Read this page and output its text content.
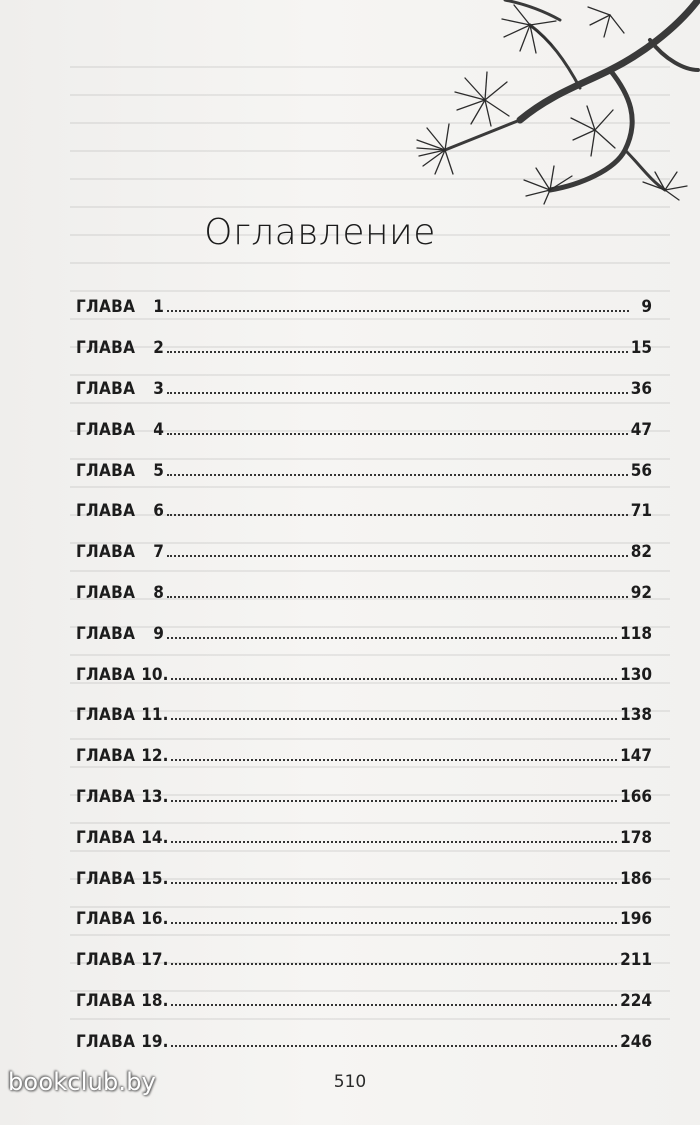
Оглавление
ГЛАВА 1	9
ГЛАВА 2	15
ГЛАВА 3	36
ГЛАВА 4	47
ГЛАВА 5	56
ГЛАВА 6	71
ГЛАВА 7	82
ГЛАВА 8	92
ГЛАВА 9	118
ГЛАВА 10 .	130
ГЛАВА 11 .	138
ГЛАВА 12 .	147
ГЛАВА 13 .	166
ГЛАВА 14 .	178
ГЛАВА 15 .	186
ГЛАВА 16 .	196
ГЛАВА 17 .	211
ГЛАВА 18 .	224
ГЛАВА 19 .	246
510
bookclub.by
